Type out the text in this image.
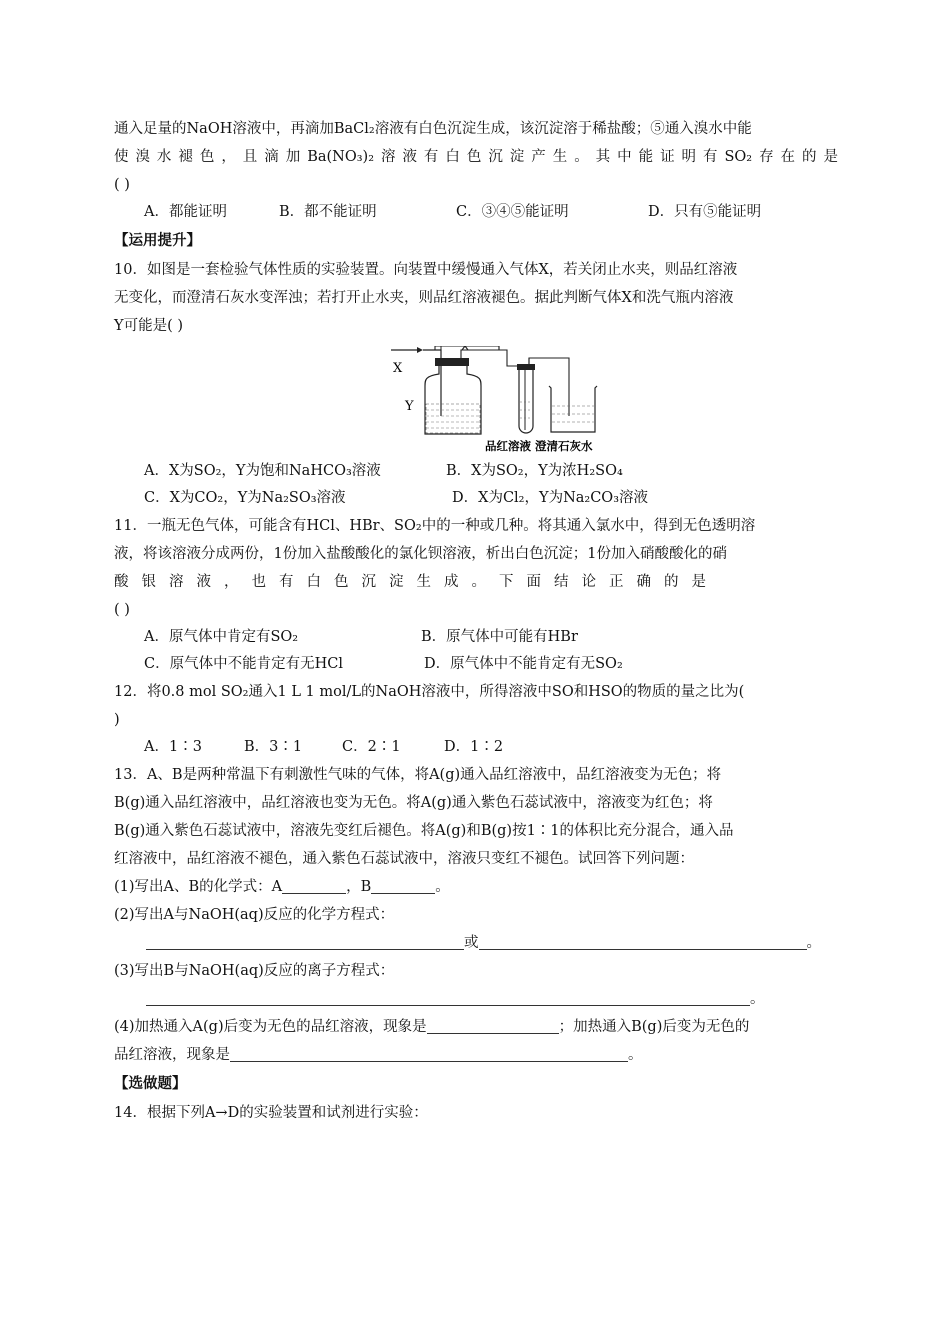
通入足量的NaOH溶液中，再滴加BaCl₂溶液有白色沉淀生成，该沉淀溶于稀盐酸；⑤通入溴水中能
使溴水褪色，且滴加Ba(NO₃)₂溶液有白色沉淀产生。其中能证明有SO₂存在的是
( )
A．都能证明	B．都不能证明	C．③④⑤能证明	D．只有⑤能证明
【运用提升】
10．如图是一套检验气体性质的实验装置。向装置中缓慢通入气体X，若关闭止水夹，则品红溶液
无变化，而澄清石灰水变浑浊；若打开止水夹，则品红溶液褪色。据此判断气体X和洗气瓶内溶液
Y可能是( )
X
Y
品红溶液 澄清石灰水
A．X为SO₂，Y为饱和NaHCO₃溶液	B．X为SO₂，Y为浓H₂SO₄
C．X为CO₂，Y为Na₂SO₃溶液	D．X为Cl₂，Y为Na₂CO₃溶液
11．一瓶无色气体，可能含有HCl、HBr、SO₂中的一种或几种。将其通入氯水中，得到无色透明溶
液，将该溶液分成两份，1份加入盐酸酸化的氯化钡溶液，析出白色沉淀；1份加入硝酸酸化的硝
酸银溶液，也有白色沉淀生成。下面结论正确的是
( )
A．原气体中肯定有SO₂	B．原气体中可能有HBr
C．原气体中不能肯定有无HCl	D．原气体中不能肯定有无SO₂
12．将0.8 mol SO₂通入1 L 1 mol/L的NaOH溶液中，所得溶液中SO和HSO的物质的量之比为(
)
A．1∶3	B．3∶1	C．2∶1	D．1∶2
13．A、B是两种常温下有刺激性气味的气体，将A(g)通入品红溶液中，品红溶液变为无色；将
B(g)通入品红溶液中，品红溶液也变为无色。将A(g)通入紫色石蕊试液中，溶液变为红色；将
B(g)通入紫色石蕊试液中，溶液先变红后褪色。将A(g)和B(g)按1∶1的体积比充分混合，通入品
红溶液中，品红溶液不褪色，通入紫色石蕊试液中，溶液只变红不褪色。试回答下列问题：
(1)写出A、B的化学式：A	，B	。
(2)写出A与NaOH(aq)反应的化学方程式：
或	。
(3)写出B与NaOH(aq)反应的离子方程式：
。
(4)加热通入A(g)后变为无色的品红溶液，现象是	；加热通入B(g)后变为无色的
品红溶液，现象是	。
【选做题】
14．根据下列A→D的实验装置和试剂进行实验：
